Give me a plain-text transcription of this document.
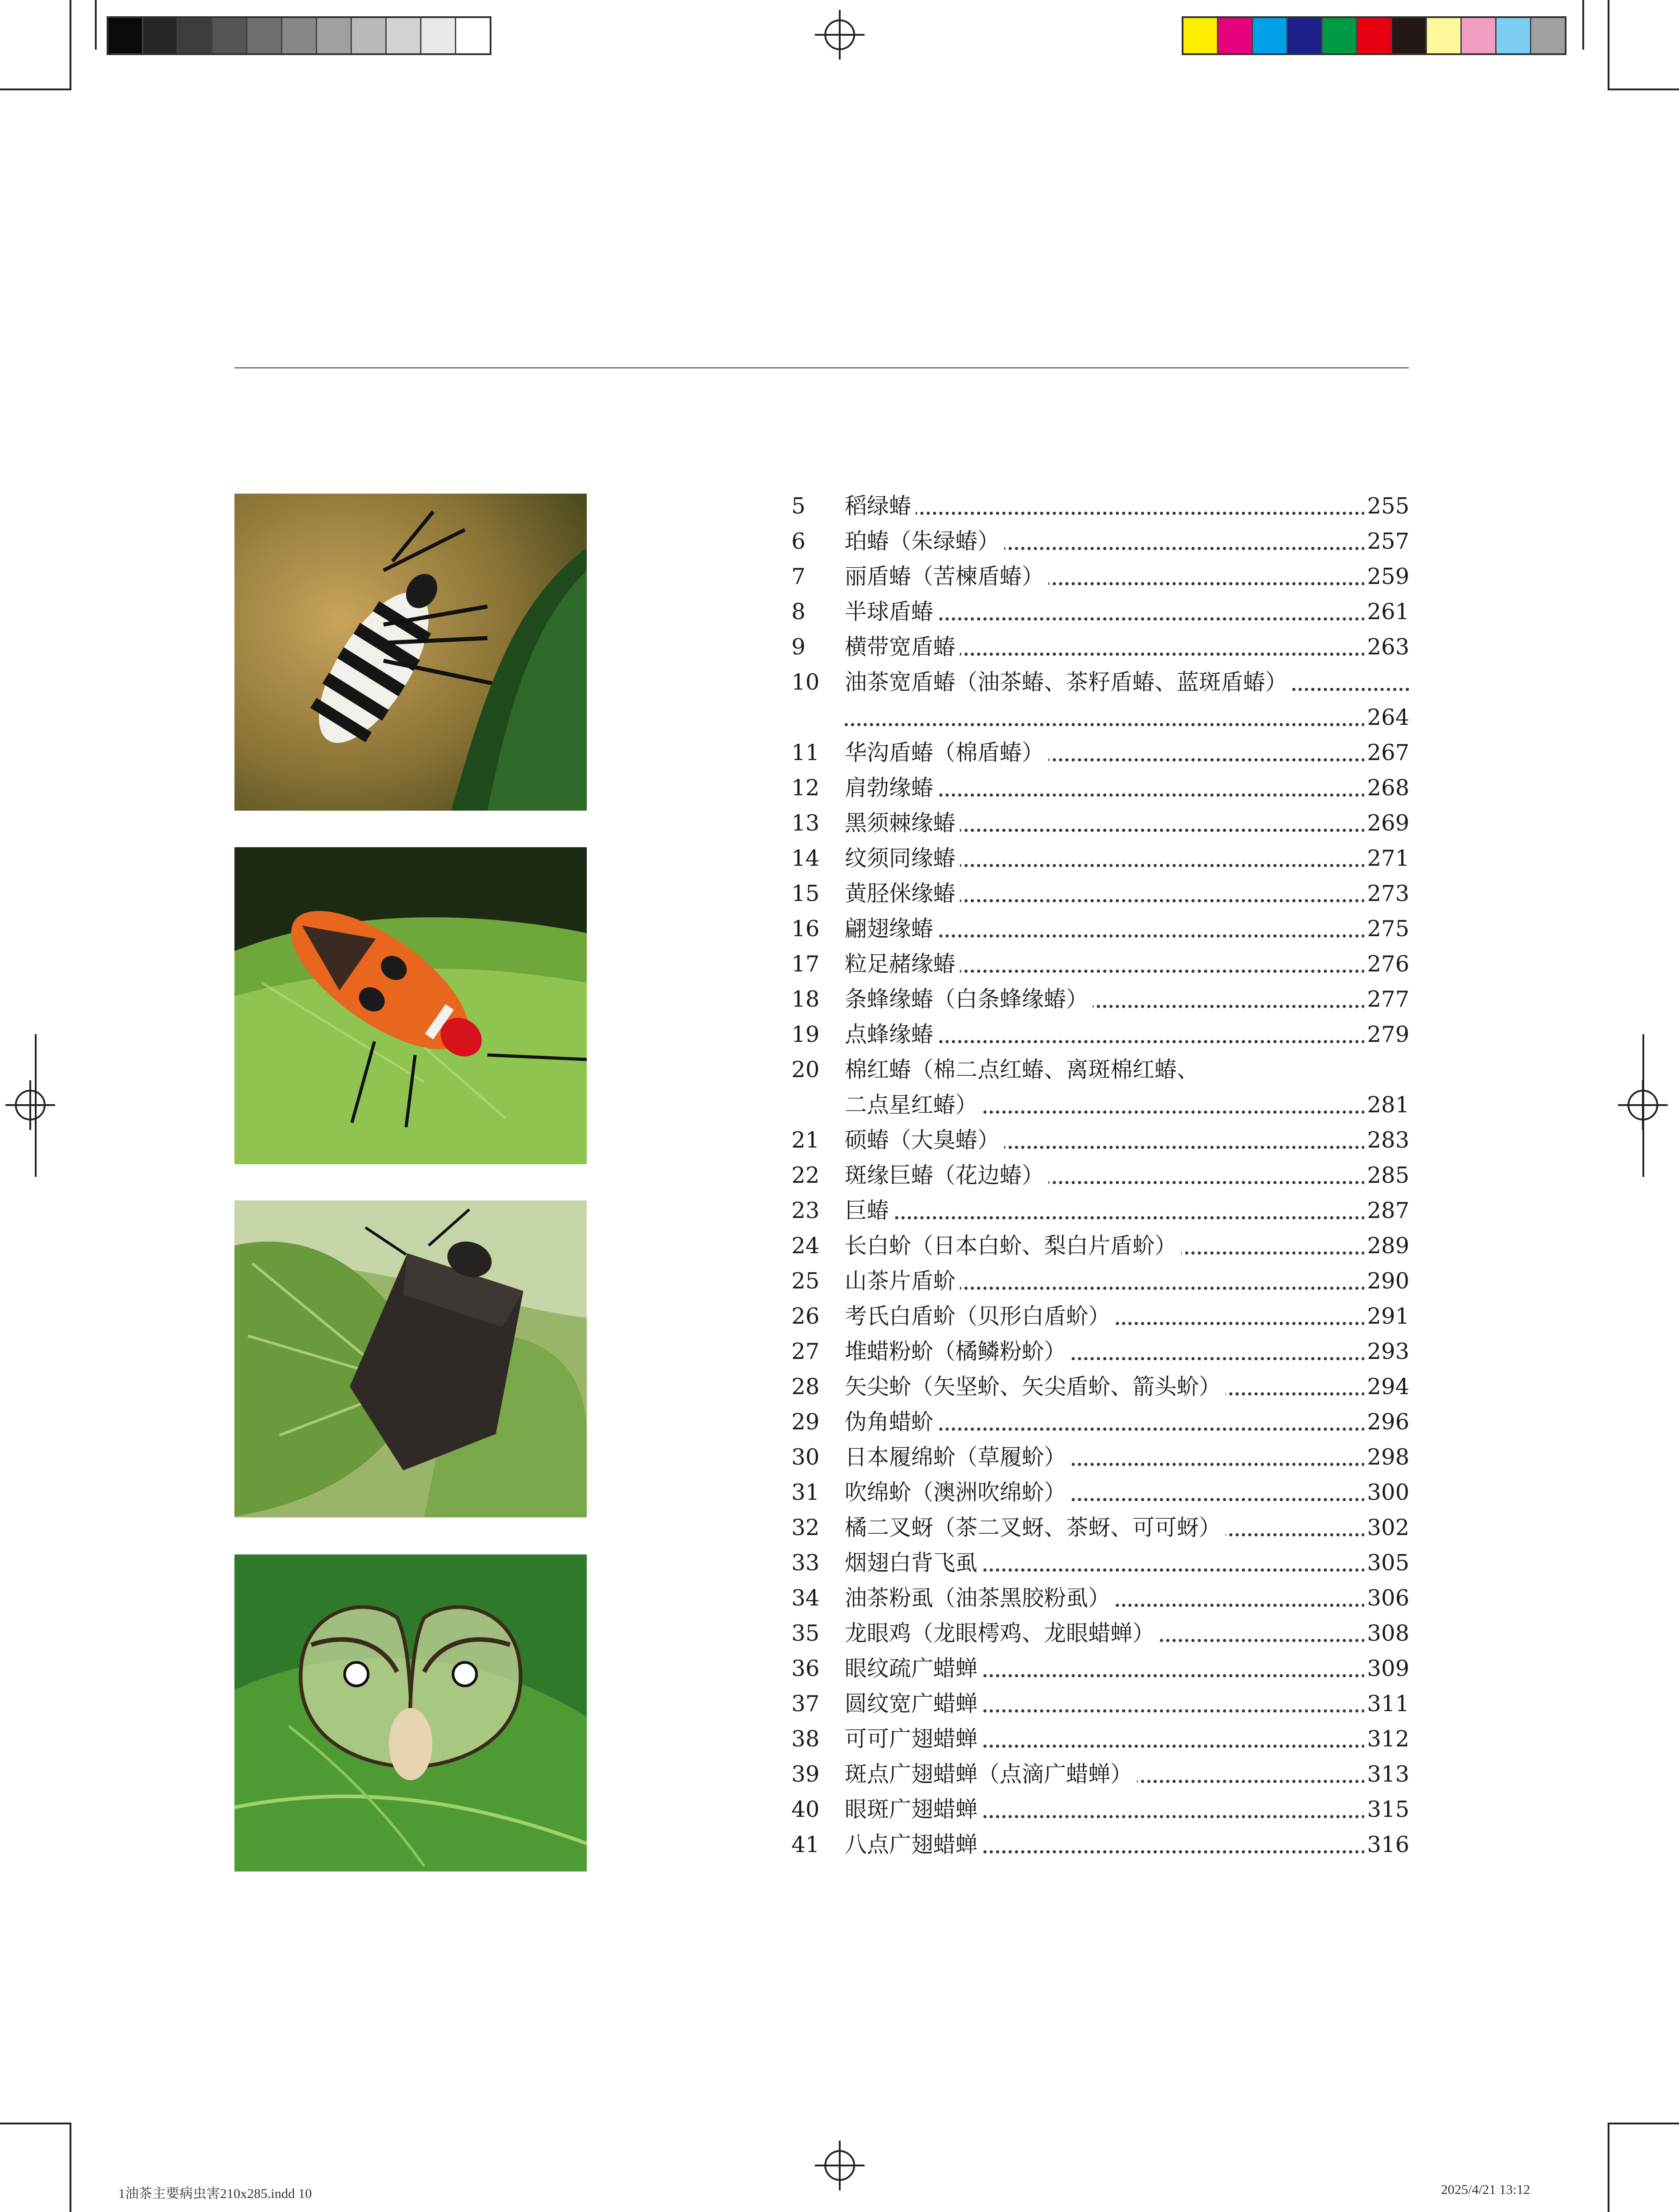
5	稻绿蝽	255
6	珀蝽（朱绿蝽）	257
7	丽盾蝽（苦楝盾蝽）	259
8	半球盾蝽	261
9	横带宽盾蝽	263
10	油茶宽盾蝽（油茶蝽、茶籽盾蝽、蓝斑盾蝽）
264
11	华沟盾蝽（棉盾蝽）	267
12	肩勃缘蝽	268
13	黑须棘缘蝽	269
14	纹须同缘蝽	271
15	黄胫侎缘蝽	273
16	翩翅缘蝽	275
17	粒足赭缘蝽	276
18	条蜂缘蝽（白条蜂缘蝽）	277
19	点蜂缘蝽	279
20	棉红蝽（棉二点红蝽、离斑棉红蝽、
二点星红蝽）	281
21	硕蝽（大臭蝽）	283
22	斑缘巨蝽（花边蝽）	285
23	巨蝽	287
24	长白蚧（日本白蚧、梨白片盾蚧）	289
25	山茶片盾蚧	290
26	考氏白盾蚧（贝形白盾蚧）	291
27	堆蜡粉蚧（橘鳞粉蚧）	293
28	矢尖蚧（矢坚蚧、矢尖盾蚧、箭头蚧）	294
29	伪角蜡蚧	296
30	日本履绵蚧（草履蚧）	298
31	吹绵蚧（澳洲吹绵蚧）	300
32	橘二叉蚜（茶二叉蚜、茶蚜、可可蚜）	302
33	烟翅白背飞虱	305
34	油茶粉虱（油茶黑胶粉虱）	306
35	龙眼鸡（龙眼樗鸡、龙眼蜡蝉）	308
36	眼纹疏广蜡蝉	309
37	圆纹宽广蜡蝉	311
38	可可广翅蜡蝉	312
39	斑点广翅蜡蝉（点滴广蜡蝉）	313
40	眼斑广翅蜡蝉	315
41	八点广翅蜡蝉	316
1油茶主要病虫害210x285.indd 10	2025/4/21 13:12
